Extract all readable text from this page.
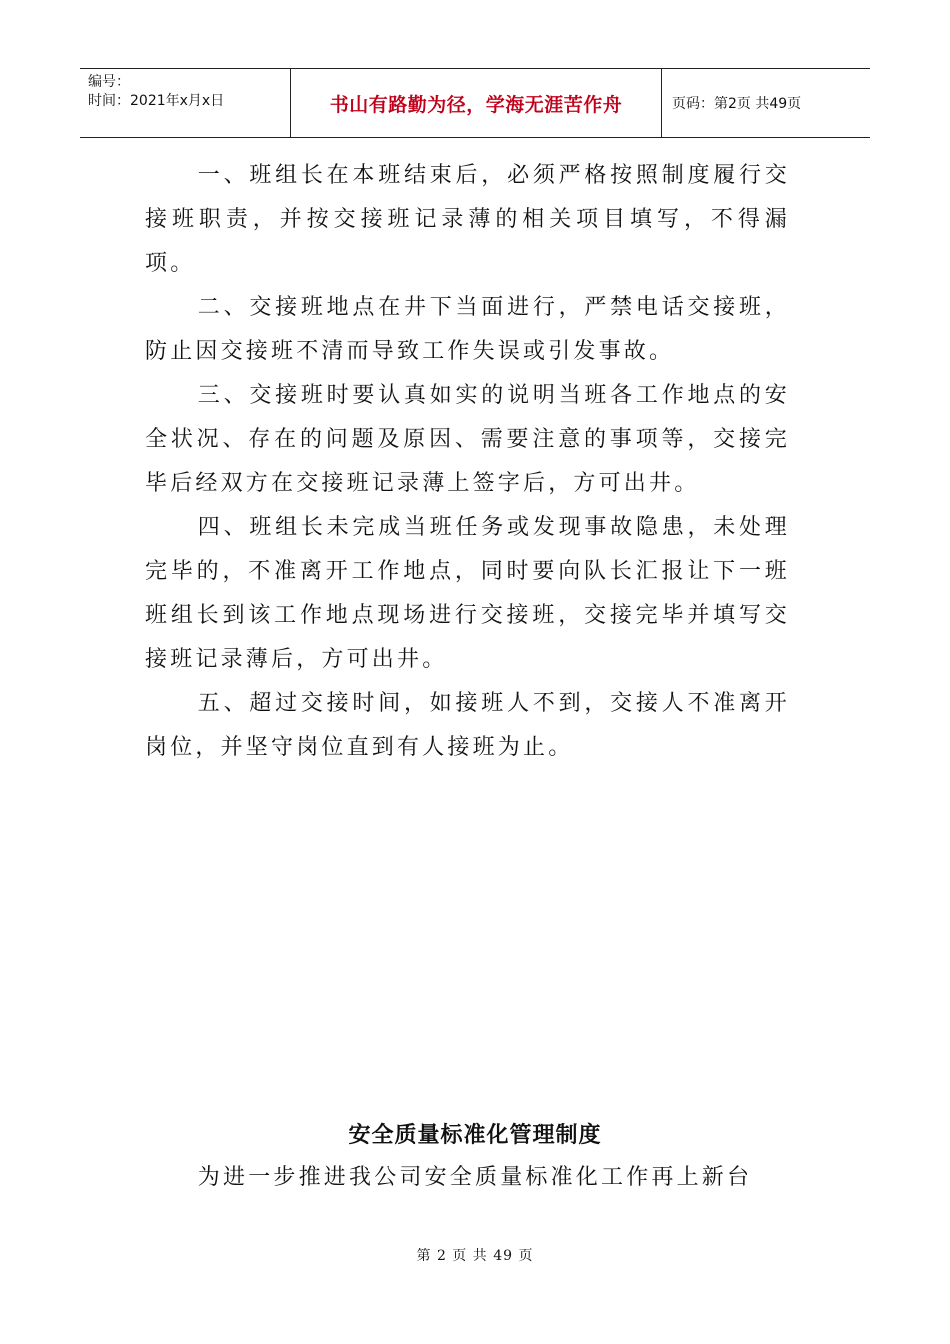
编号：
时间：2021年x月x日	书山有路勤为径，学海无涯苦作舟	页码：第2页 共49页

一、班组长在本班结束后，必须严格按照制度履行交接班职责，并按交接班记录薄的相关项目填写，不得漏项。

二、交接班地点在井下当面进行，严禁电话交接班，防止因交接班不清而导致工作失误或引发事故。

三、交接班时要认真如实的说明当班各工作地点的安全状况、存在的问题及原因、需要注意的事项等，交接完毕后经双方在交接班记录薄上签字后，方可出井。

四、班组长未完成当班任务或发现事故隐患，未处理完毕的，不准离开工作地点，同时要向队长汇报让下一班班组长到该工作地点现场进行交接班，交接完毕并填写交接班记录薄后，方可出井。

五、超过交接时间，如接班人不到，交接人不准离开岗位，并坚守岗位直到有人接班为止。

安全质量标准化管理制度
为进一步推进我公司安全质量标准化工作再上新台
第 2 页 共 49 页
